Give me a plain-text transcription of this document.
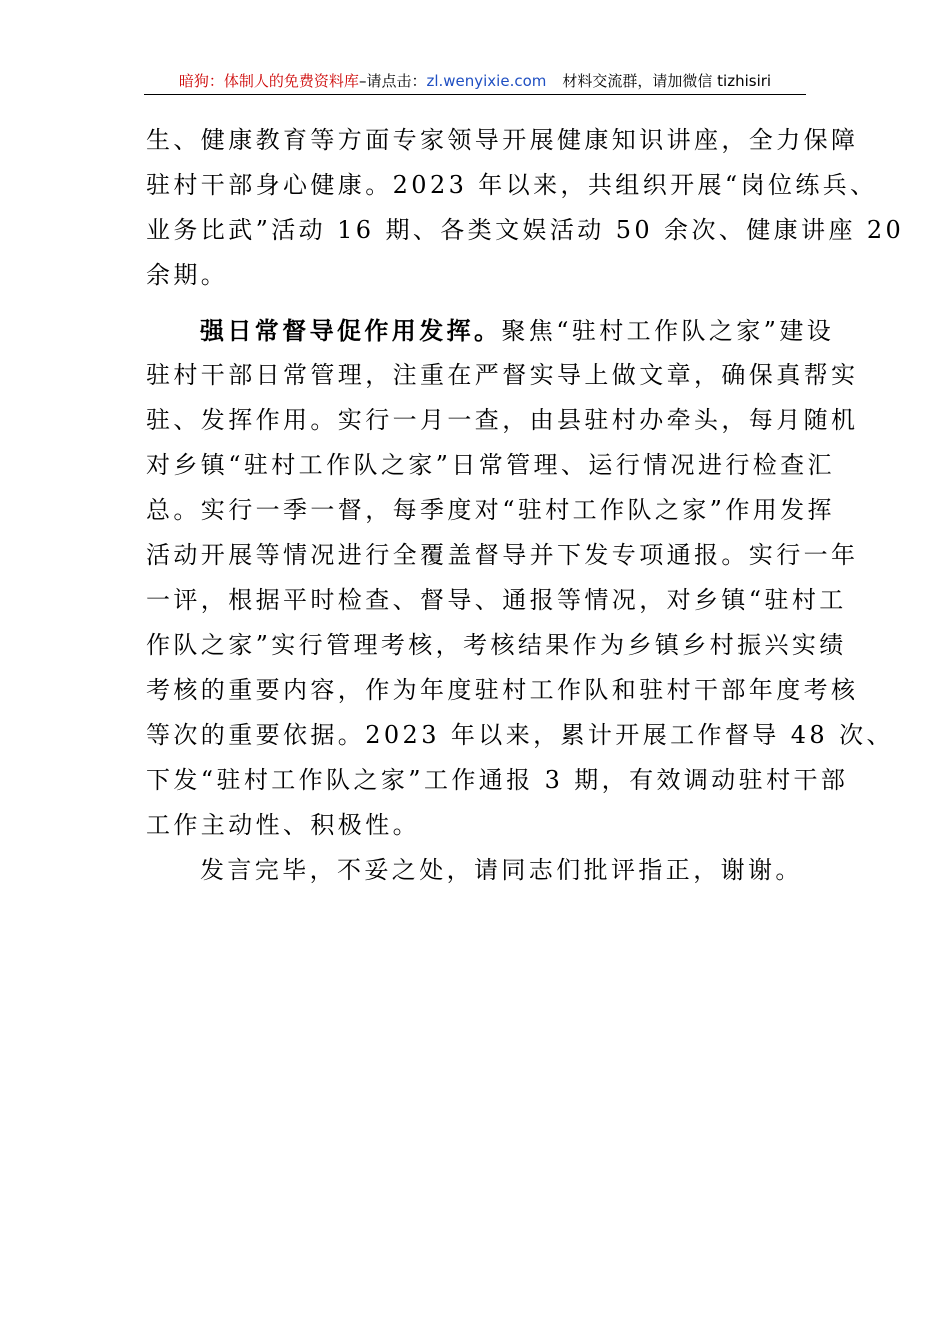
暗狗：体制人的免费资料库–请点击：zl.wenyixie.com 材料交流群，请加微信 tizhisiri
生、健康教育等方面专家领导开展健康知识讲座，全力保障
驻村干部身心健康。2023 年以来，共组织开展“岗位练兵、
业务比武”活动 16 期、各类文娱活动 50 余次、健康讲座 20
余期。
强日常督导促作用发挥。聚焦“驻村工作队之家”建设
驻村干部日常管理，注重在严督实导上做文章，确保真帮实
驻、发挥作用。实行一月一查，由县驻村办牵头，每月随机
对乡镇“驻村工作队之家”日常管理、运行情况进行检查汇
总。实行一季一督，每季度对“驻村工作队之家”作用发挥
活动开展等情况进行全覆盖督导并下发专项通报。实行一年
一评，根据平时检查、督导、通报等情况，对乡镇“驻村工
作队之家”实行管理考核，考核结果作为乡镇乡村振兴实绩
考核的重要内容，作为年度驻村工作队和驻村干部年度考核
等次的重要依据。2023 年以来，累计开展工作督导 48 次、
下发“驻村工作队之家”工作通报 3 期，有效调动驻村干部
工作主动性、积极性。
发言完毕，不妥之处，请同志们批评指正，谢谢。
